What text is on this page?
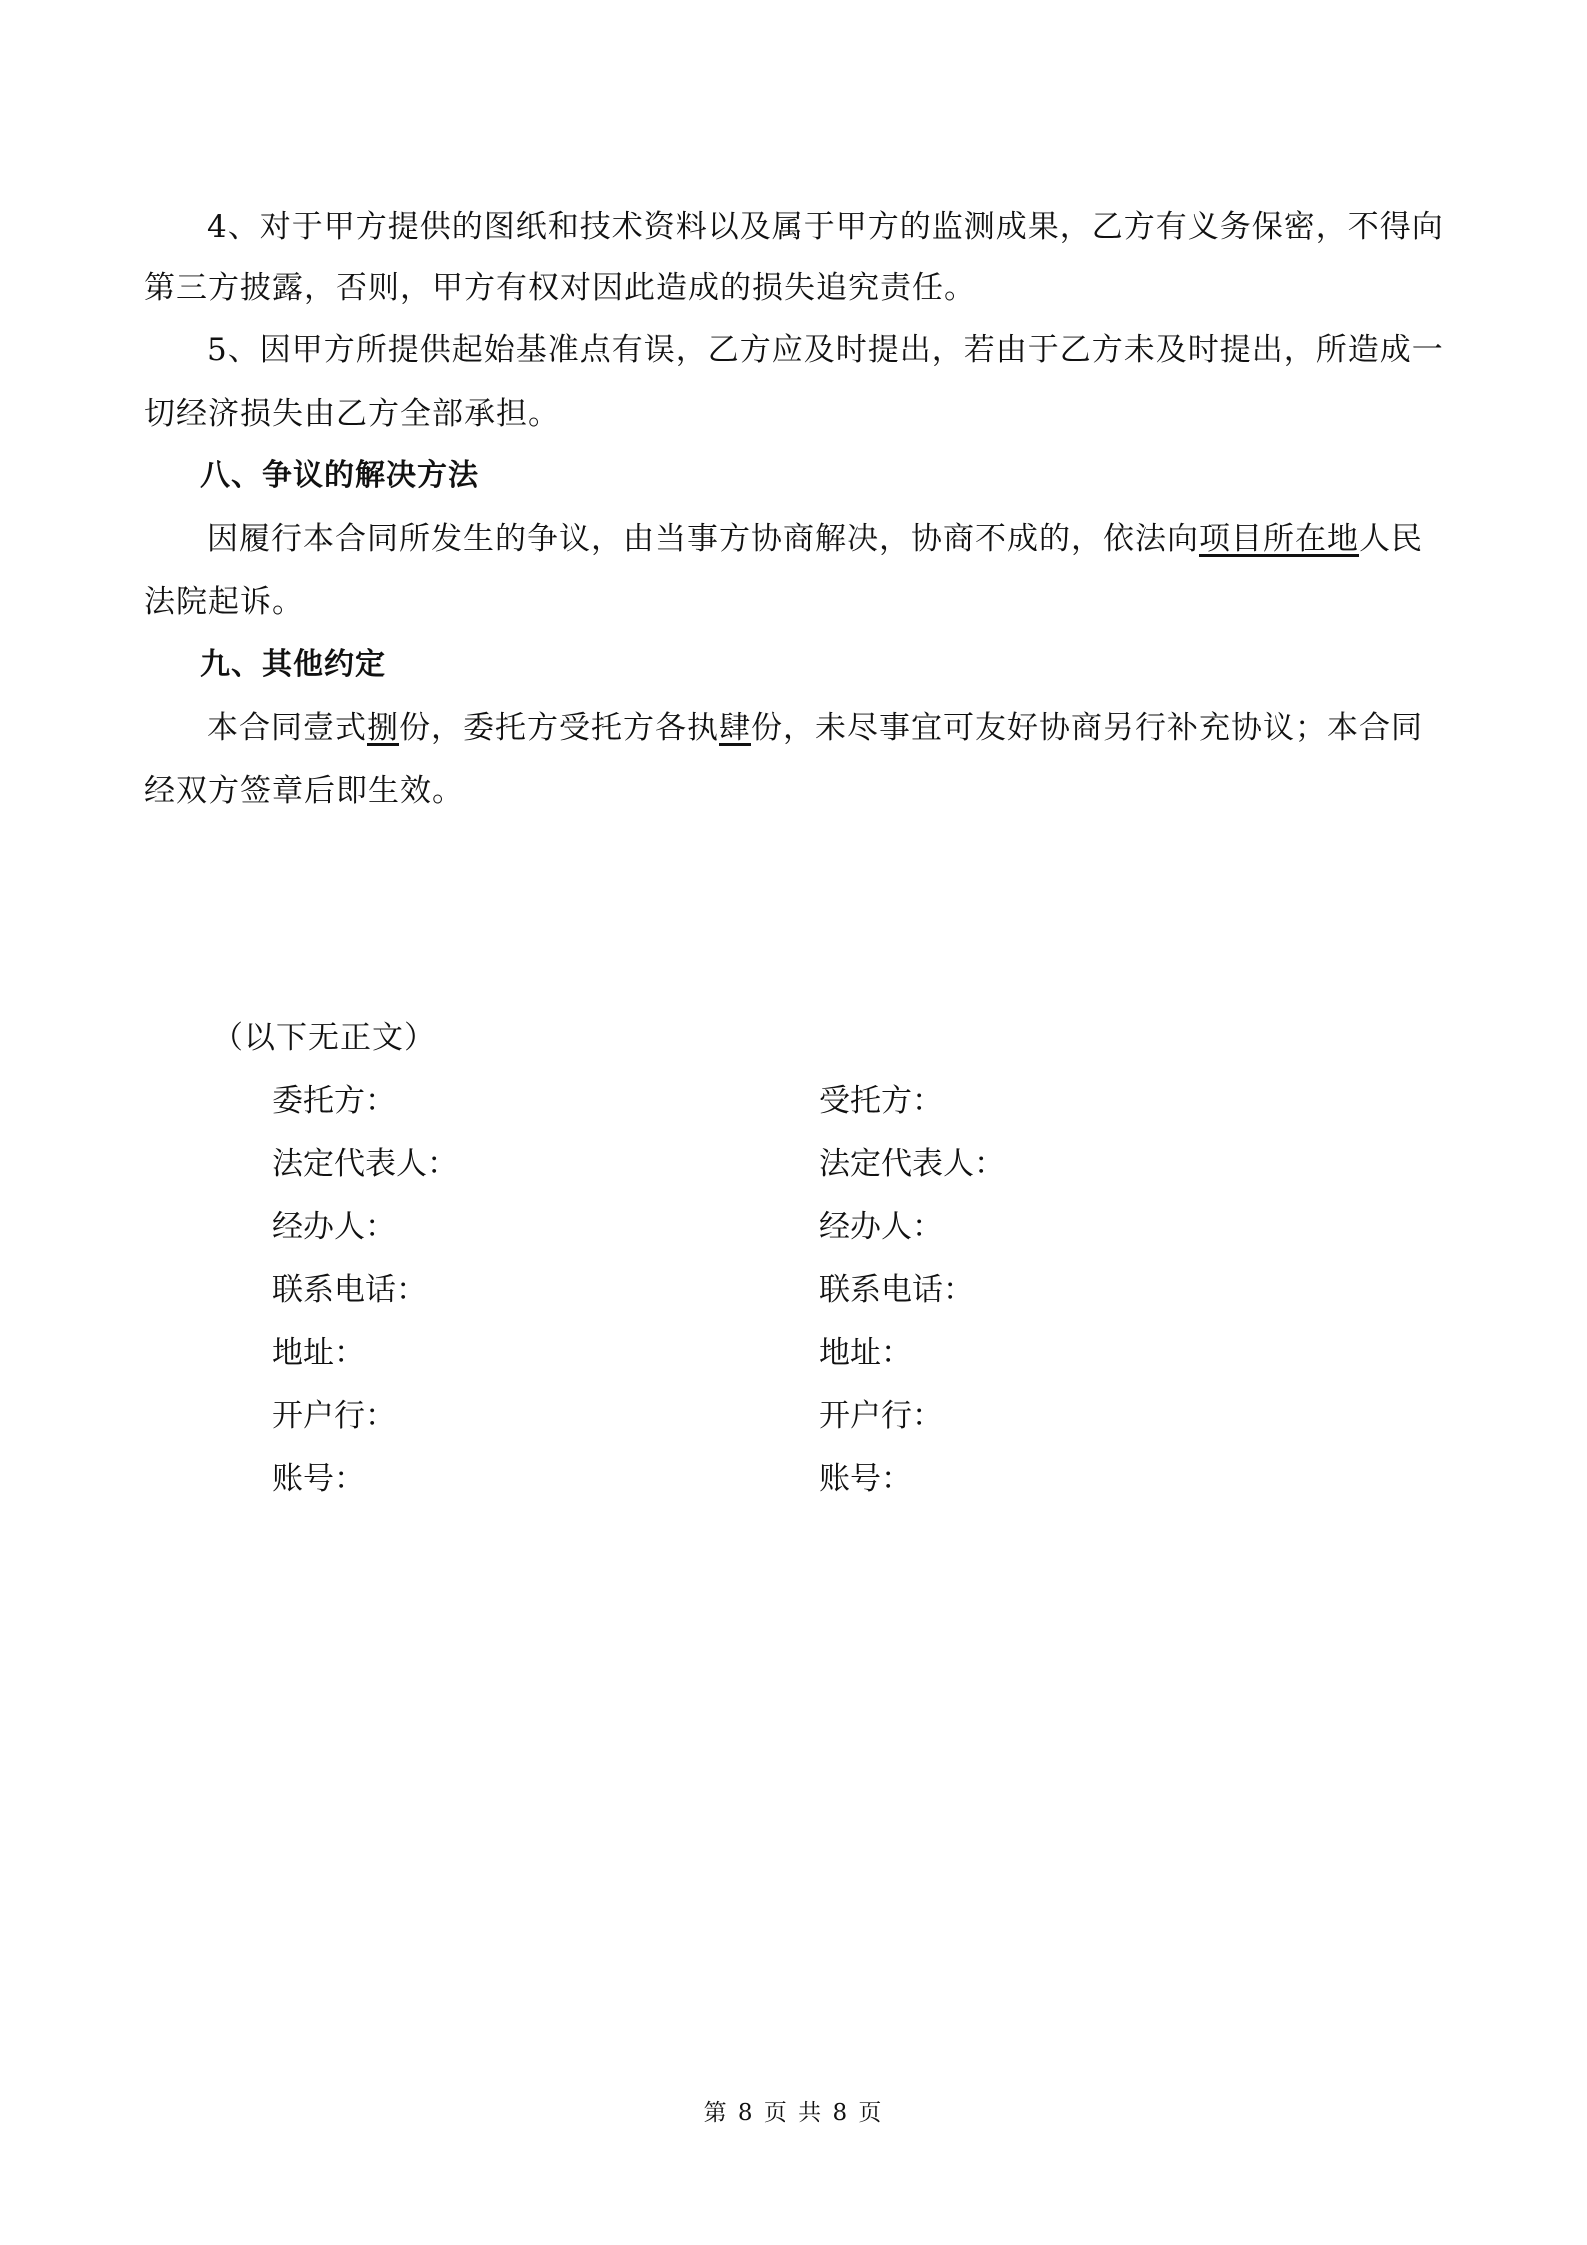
4、对于甲方提供的图纸和技术资料以及属于甲方的监测成果，乙方有义务保密，不得向
第三方披露，否则，甲方有权对因此造成的损失追究责任。
5、因甲方所提供起始基准点有误，乙方应及时提出，若由于乙方未及时提出，所造成一
切经济损失由乙方全部承担。
八、争议的解决方法
因履行本合同所发生的争议，由当事方协商解决，协商不成的，依法向项目所在地人民
法院起诉。
九、其他约定
本合同壹式捌份，委托方受托方各执肆份，未尽事宜可友好协商另行补充协议；本合同
经双方签章后即生效。
（以下无正文）
委托方：
法定代表人：
经办人：
联系电话：
地址：
开户行：
账号：
受托方：
法定代表人：
经办人：
联系电话：
地址：
开户行：
账号：
第 8 页 共 8 页
